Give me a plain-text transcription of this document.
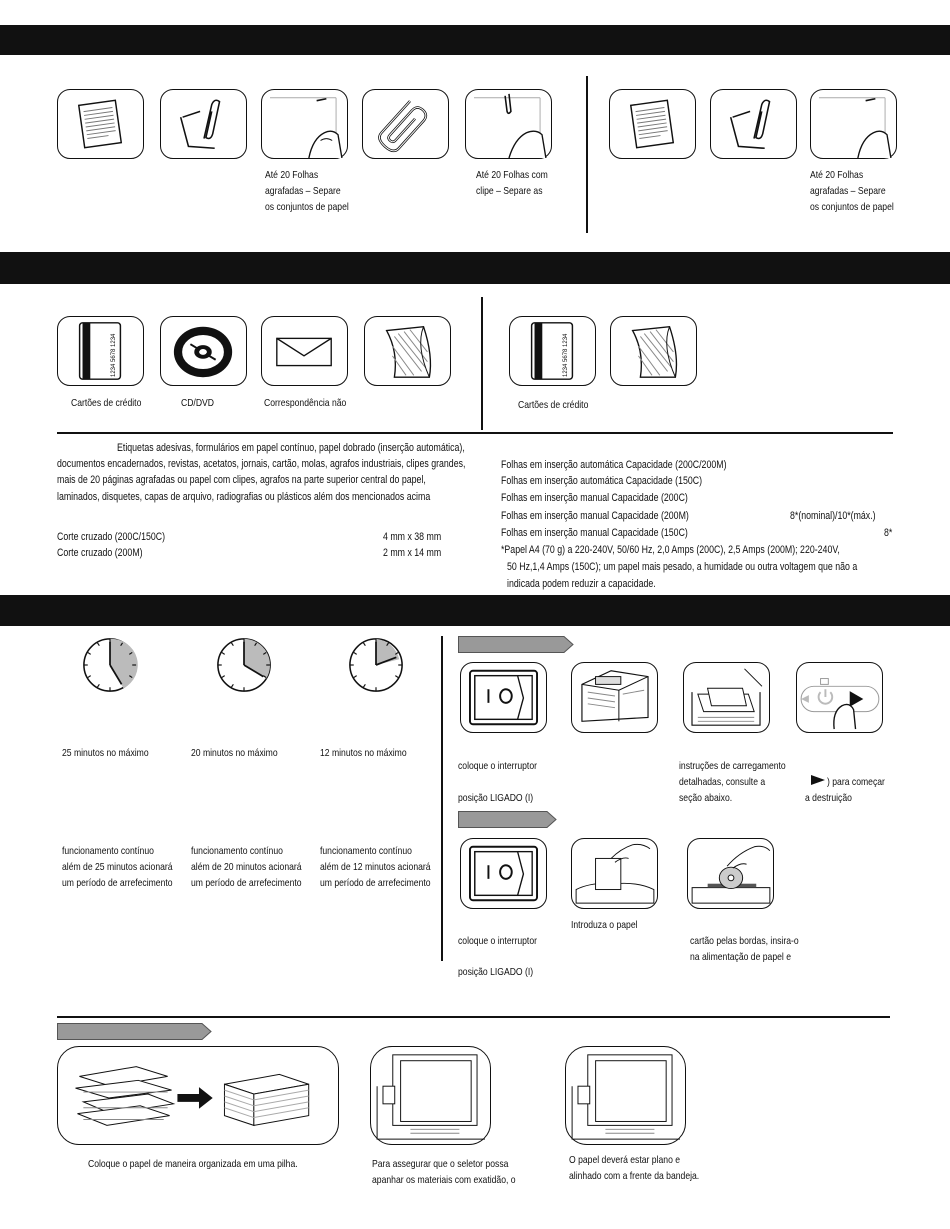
Até 20 Folhas
agrafadas – Separe
os conjuntos de papel
Até 20 Folhas com
clipe – Separe as
Até 20 Folhas
agrafadas – Separe
os conjuntos de papel
1234 5678 1234
Cartões de crédito	CD/DVD	Correspondência não
1234 5678 1234
Cartões de crédito
Etiquetas adesivas, formulários em papel contínuo, papel dobrado (inserção automática),
documentos encadernados, revistas, acetatos, jornais, cartão, molas, agrafos industriais, clipes grandes,
mais de 20 páginas agrafadas ou papel com clipes, agrafos na parte superior central do papel,
laminados, disquetes, capas de arquivo, radiografias ou plásticos além dos mencionados acima
Corte cruzado (200C/150C)	4 mm x 38 mm
Corte cruzado (200M)	2 mm x 14 mm
Folhas em inserção automática Capacidade (200C/200M)
Folhas em inserção automática Capacidade (150C)
Folhas em inserção manual Capacidade (200C)
Folhas em inserção manual Capacidade (200M)	8*(nominal)/10*(máx.)
Folhas em inserção manual Capacidade (150C)	8*
*Papel A4 (70 g) a 220-240V, 50/60 Hz, 2,0 Amps (200C), 2,5 Amps (200M); 220-240V,
50 Hz,1,4 Amps (150C); um papel mais pesado, a humidade ou outra voltagem que não a
indicada podem reduzir a capacidade.
25 minutos no máximo	20 minutos no máximo	12 minutos no máximo
funcionamento contínuo
além de 25 minutos acionará
um período de arrefecimento
funcionamento contínuo
além de 20 minutos acionará
um período de arrefecimento
funcionamento contínuo
além de 12 minutos acionará
um período de arrefecimento
coloque o interruptor
posição LIGADO (I)
instruções de carregamento
detalhadas, consulte a
seção abaixo.
) para começar
a destruição
coloque o interruptor
posição LIGADO (I)
Introduza o papel
cartão pelas bordas, insira-o
na alimentação de papel e
Coloque o papel de maneira organizada em uma pilha.	Para assegurar que o seletor possa
apanhar os materiais com exatidão, o
O papel deverá estar plano e
alinhado com a frente da bandeja.
